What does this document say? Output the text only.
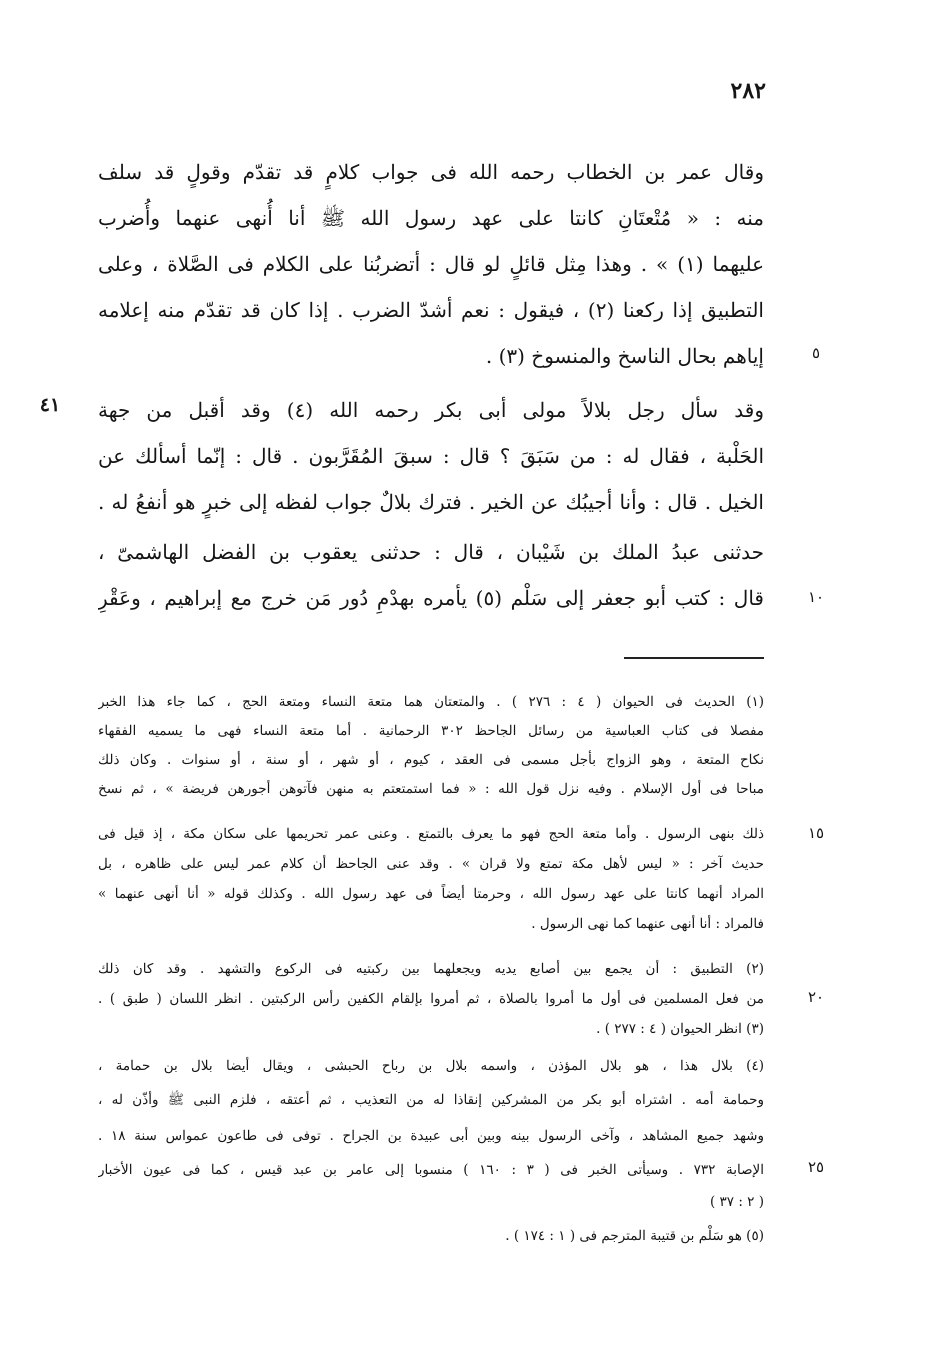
٢٨٢
وقال عمر بن الخطاب رحمه الله فى جواب كلامٍ قد تقدّم وقولٍ قد سلف
منه : « مُتْعتَانِ كانتا على عهد رسول الله ﷺ أنا أُنهى عنهما وأُضرب
عليهما (١) » . وهذا مِثل قائلٍ لو قال : أتضربُنا على الكلام فى الصَّلاة ، وعلى
التطبيق إذا ركعنا (٢) ، فيقول : نعم أشدّ الضرب . إذا كان قد تقدّم منه إعلامه
إياهم بحال الناسخ والمنسوخ (٣) .
وقد سأل رجل بلالاً مولى أبى بكر رحمه الله (٤) وقد أقبل من جهة
الحَلْبة ، فقال له : من سَبَقَ ؟ قال : سبقَ المُقَرَّبون . قال : إنّما أسألك عن
الخيل . قال : وأنا أجيبُك عن الخير . فترك بلالٌ جواب لفظه إلى خبرٍ هو أنفعُ له .
حدثنى عبدُ الملك بن شَيْبان ، قال : حدثنى يعقوب بن الفضل الهاشمىّ ،
قال : كتب أبو جعفر إلى سَلْم (٥) يأمره بهدْمِ دُور مَن خرج مع إبراهيم ، وعَقْرِ
٤١
(١) الحديث فى الحيوان ( ٤ : ٢٧٦ ) . والمتعتان هما متعة النساء ومتعة الحج ، كما جاء هذا الخبر
مفصلا فى كتاب العباسية من رسائل الجاحظ ٣٠٢ الرحمانية . أما متعة النساء فهى ما يسميه الفقهاء
نكاح المتعة ، وهو الزواج بأجل مسمى فى العقد ، كيوم ، أو شهر ، أو سنة ، أو سنوات . وكان ذلك
مباحا فى أول الإسلام . وفيه نزل قول الله : « فما استمتعتم به منهن فآتوهن أجورهن فريضة » ، ثم نسخ
ذلك بنهى الرسول . وأما متعة الحج فهو ما يعرف بالتمتع . وعنى عمر تحريمها على سكان مكة ، إذ قيل فى
حديث آخر : « ليس لأهل مكة تمتع ولا قران » . وقد عنى الجاحظ أن كلام عمر ليس على ظاهره ، بل
المراد أنهما كانتا على عهد رسول الله ، وحرمتا أيضاً فى عهد رسول الله . وكذلك قوله « أنا أنهى عنهما »
فالمراد : أنا أنهى عنهما كما نهى الرسول .
(٢) التطبيق : أن يجمع بين أصابع يديه ويجعلهما بين ركبتيه فى الركوع والتشهد . وقد كان ذلك
من فعل المسلمين فى أول ما أمروا بالصلاة ، ثم أمروا بإلقام الكفين رأس الركبتين . انظر اللسان ( طبق ) .
(٣) انظر الحيوان ( ٤ : ٢٧٧ ) .
(٤) بلال هذا ، هو بلال المؤذن ، واسمه بلال بن رباح الحبشى ، ويقال أيضا بلال بن حمامة ،
وحمامة أمه . اشتراه أبو بكر من المشركين إنقاذا له من التعذيب ، ثم أعتقه ، فلزم النبى ﷺ وأذّن له ،
وشهد جميع المشاهد ، وآخى الرسول بينه وبين أبى عبيدة بن الجراح . توفى فى طاعون عمواس سنة ١٨ .
الإصابة ٧٣٢ . وسيأتى الخبر فى ( ٣ : ١٦٠ ) منسوبا إلى عامر بن عبد قيس ، كما فى عيون الأخبار
( ٢ : ٣٧ )
(٥) هو سَلْم بن قتيبة المترجم فى ( ١ : ١٧٤ ) .
٥
١٠
١٥
٢٠
٢٥
